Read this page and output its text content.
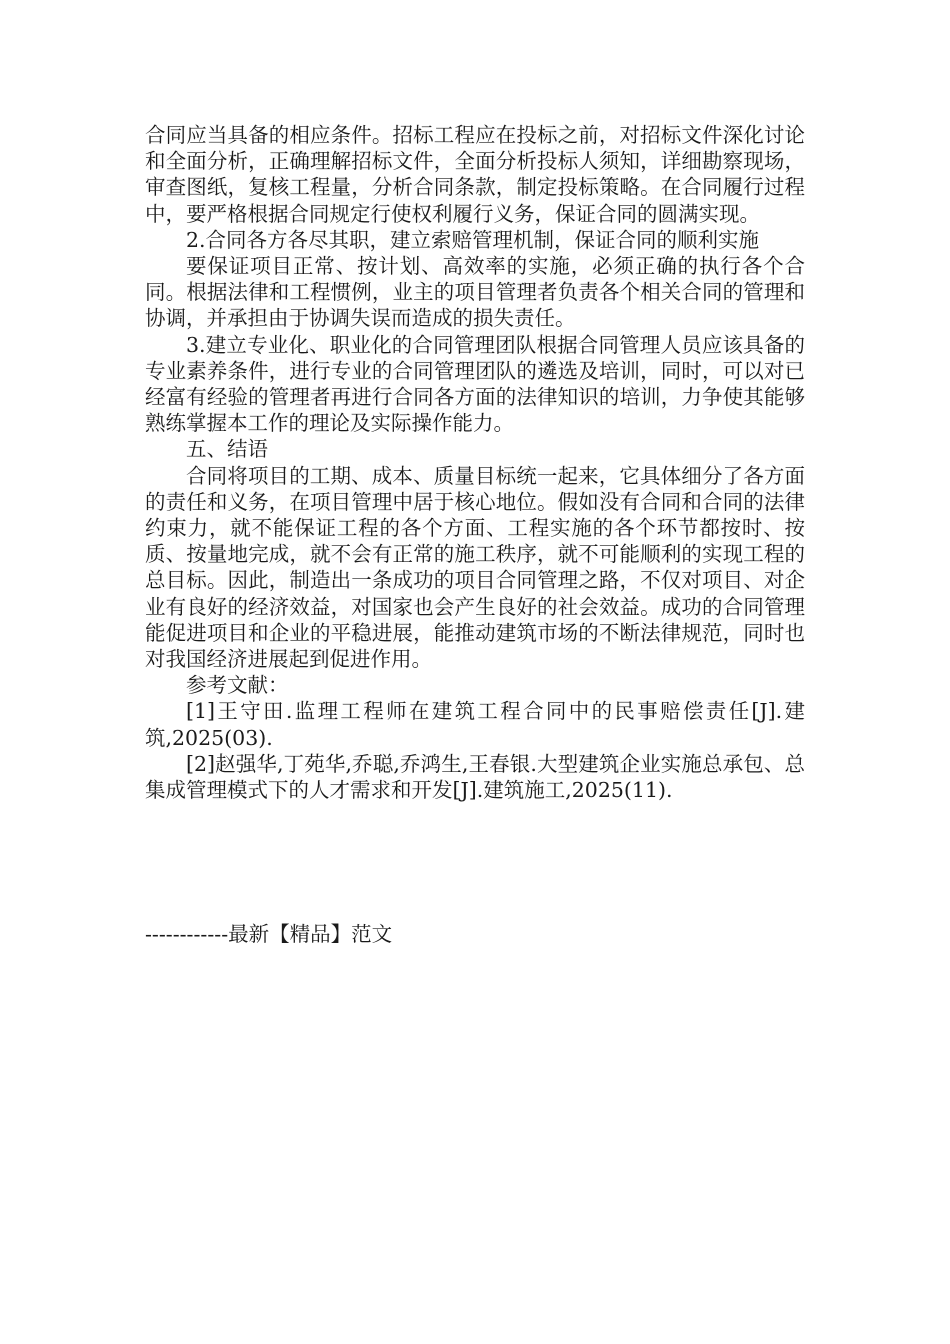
合同应当具备的相应条件。招标工程应在投标之前，对招标文件深化讨论和全面分析，正确理解招标文件，全面分析投标人须知，详细勘察现场，审查图纸，复核工程量，分析合同条款，制定投标策略。在合同履行过程中，要严格根据合同规定行使权利履行义务，保证合同的圆满实现。

2.合同各方各尽其职，建立索赔管理机制，保证合同的顺利实施

要保证项目正常、按计划、高效率的实施，必须正确的执行各个合同。根据法律和工程惯例，业主的项目管理者负责各个相关合同的管理和协调，并承担由于协调失误而造成的损失责任。

3.建立专业化、职业化的合同管理团队根据合同管理人员应该具备的专业素养条件，进行专业的合同管理团队的遴选及培训，同时，可以对已经富有经验的管理者再进行合同各方面的法律知识的培训，力争使其能够熟练掌握本工作的理论及实际操作能力。

五、结语

合同将项目的工期、成本、质量目标统一起来，它具体细分了各方面的责任和义务，在项目管理中居于核心地位。假如没有合同和合同的法律约束力，就不能保证工程的各个方面、工程实施的各个环节都按时、按质、按量地完成，就不会有正常的施工秩序，就不可能顺利的实现工程的总目标。因此，制造出一条成功的项目合同管理之路，不仅对项目、对企业有良好的经济效益，对国家也会产生良好的社会效益。成功的合同管理能促进项目和企业的平稳进展，能推动建筑市场的不断法律规范，同时也对我国经济进展起到促进作用。

参考文献：

[1]王守田.监理工程师在建筑工程合同中的民事赔偿责任[J].建筑,2025(03).

[2]赵强华,丁苑华,乔聪,乔鸿生,王春银.大型建筑企业实施总承包、总集成管理模式下的人才需求和开发[J].建筑施工,2025(11).

------------最新【精品】范文
